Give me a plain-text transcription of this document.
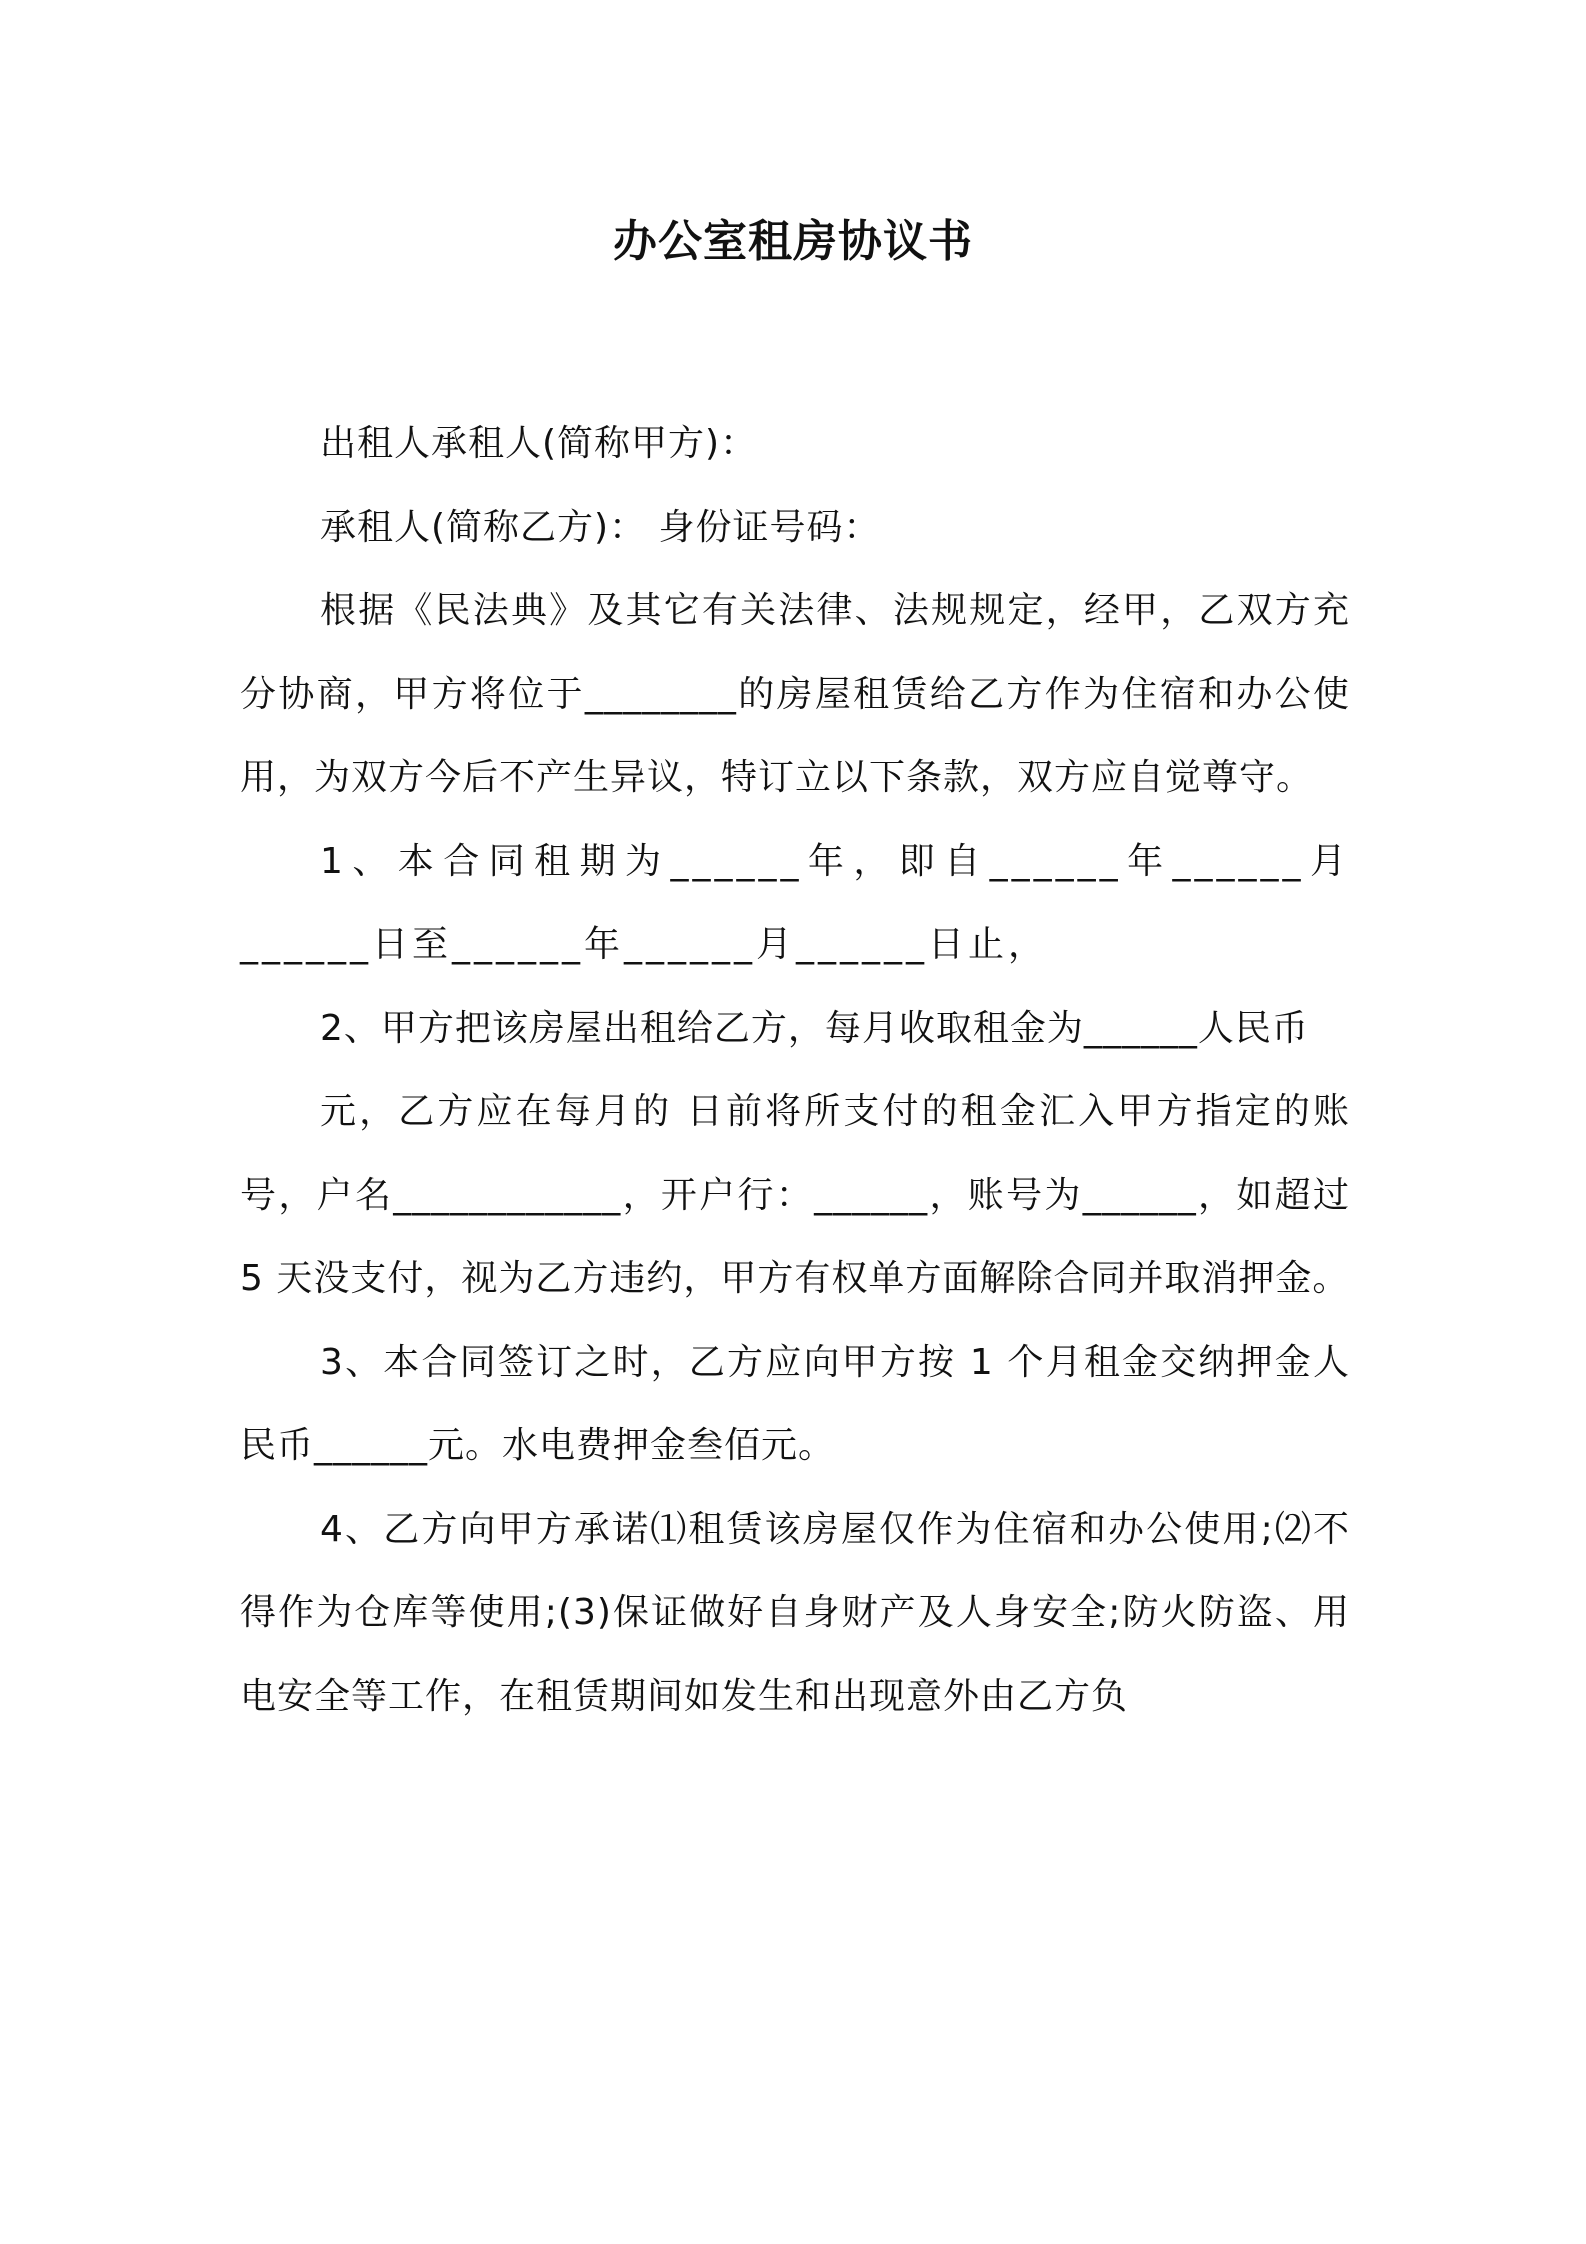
办公室租房协议书

出租人承租人(简称甲方)：

承租人(简称乙方)： 身份证号码：

根据《民法典》及其它有关法律、法规规定，经甲，乙双方充分协商，甲方将位于________的房屋租赁给乙方作为住宿和办公使用，为双方今后不产生异议，特订立以下条款，双方应自觉尊守。

1、本合同租期为______年，即自______年______月______日至______年______月______日止，

2、甲方把该房屋出租给乙方，每月收取租金为______人民币

元，乙方应在每月的 日前将所支付的租金汇入甲方指定的账号，户名____________，开户行：______，账号为______，如超过 5 天没支付，视为乙方违约，甲方有权单方面解除合同并取消押金。

3、本合同签订之时，乙方应向甲方按 1 个月租金交纳押金人民币______元。水电费押金叁佰元。

4、乙方向甲方承诺⑴租赁该房屋仅作为住宿和办公使用;⑵不得作为仓库等使用;(3)保证做好自身财产及人身安全;防火防盗、用电安全等工作，在租赁期间如发生和出现意外由乙方负
